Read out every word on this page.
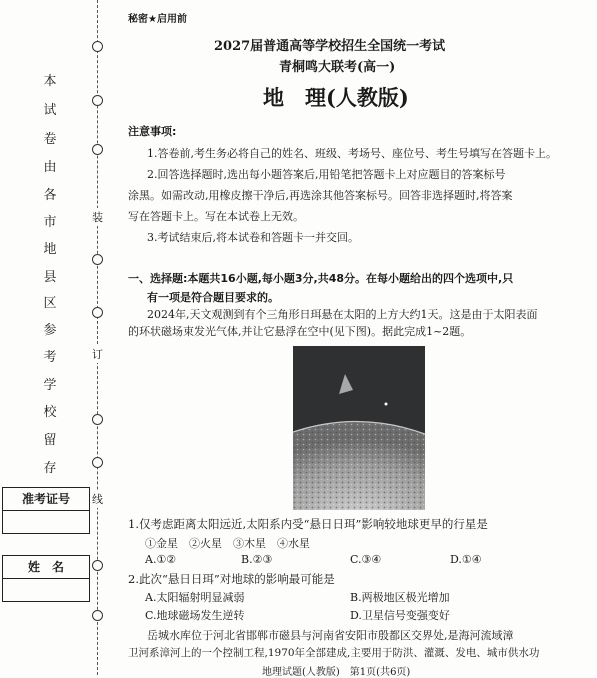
本
试
卷
由
各
市
地
县
区
参
考
学
校
留
存
装
订
线
准考证号
姓　名
秘密★启用前
2027届普通高等学校招生全国统一考试
青桐鸣大联考(高一)
地　理(人教版)
注意事项:
1.答卷前,考生务必将自己的姓名、班级、考场号、座位号、考生号填写在答题卡上。
2.回答选择题时,选出每小题答案后,用铅笔把答题卡上对应题目的答案标号
涂黑。如需改动,用橡皮擦干净后,再选涂其他答案标号。回答非选择题时,将答案
写在答题卡上。写在本试卷上无效。
3.考试结束后,将本试卷和答题卡一并交回。
一、选择题:本题共16小题,每小题3分,共48分。在每小题给出的四个选项中,只
有一项是符合题目要求的。
2024年,天文观测到有个三角形日珥悬在太阳的上方大约1天。这是由于太阳表面
的环状磁场束发光气体,并让它悬浮在空中(见下图)。据此完成1~2题。
1.仅考虑距离太阳远近,太阳系内受“悬日日珥”影响较地球更早的行星是
①金星　②火星　③木星　④水星
A.①②	B.②③	C.③④	D.①④
2.此次“悬日日珥”对地球的影响最可能是
A.太阳辐射明显减弱	B.两极地区极光增加
C.地球磁场发生逆转	D.卫星信号变强变好
岳城水库位于河北省邯郸市磁县与河南省安阳市殷都区交界处,是海河流域漳
卫河系漳河上的一个控制工程,1970年全部建成,主要用于防洪、灌溉、发电、城市供水功
地理试题(人教版)　第1页(共6页)
